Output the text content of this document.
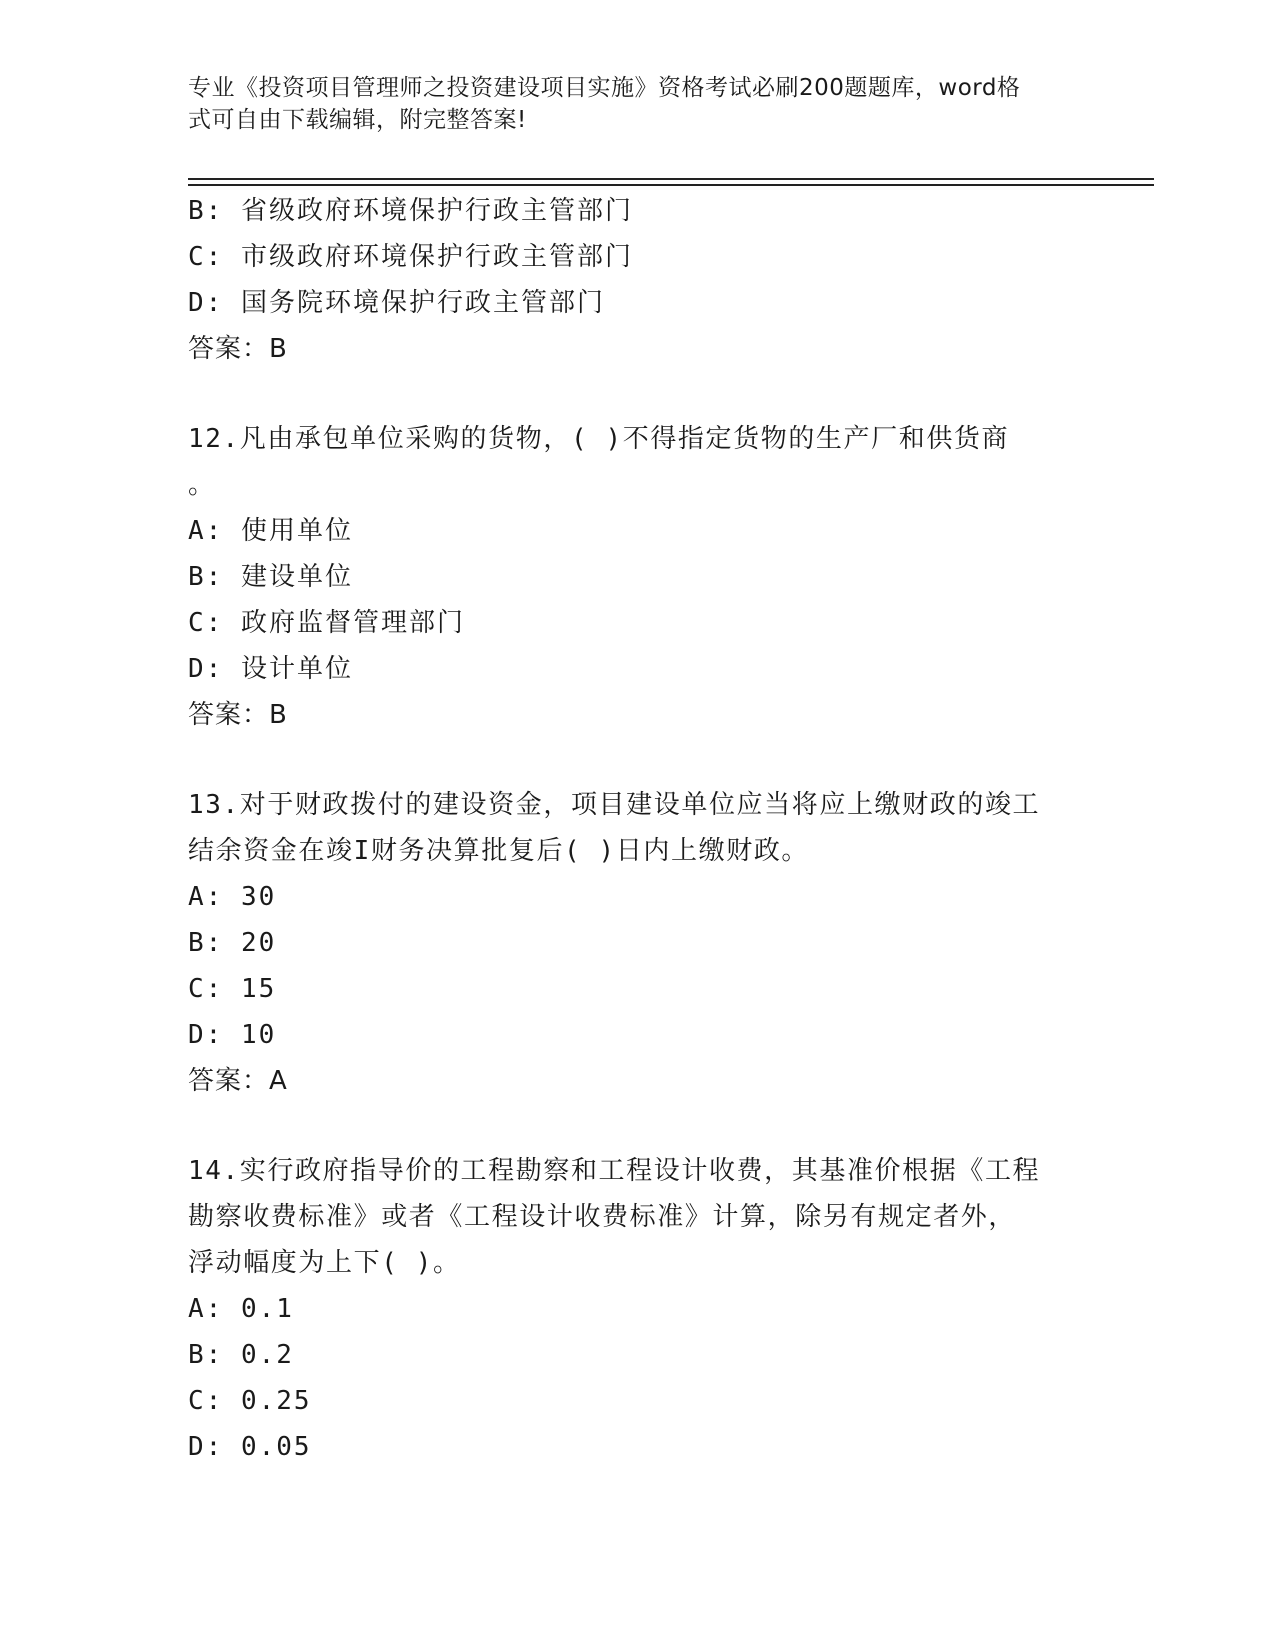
专业《投资项目管理师之投资建设项目实施》资格考试必刷200题题库，word格
式可自由下载编辑，附完整答案!
B: 省级政府环境保护行政主管部门
C: 市级政府环境保护行政主管部门
D: 国务院环境保护行政主管部门
答案：B
12.凡由承包单位采购的货物，( )不得指定货物的生产厂和供货商
。
A: 使用单位
B: 建设单位
C: 政府监督管理部门
D: 设计单位
答案：B
13.对于财政拨付的建设资金，项目建设单位应当将应上缴财政的竣工
结余资金在竣I财务决算批复后( )日内上缴财政。
A: 30
B: 20
C: 15
D: 10
答案：A
14.实行政府指导价的工程勘察和工程设计收费，其基准价根据《工程
勘察收费标准》或者《工程设计收费标准》计算，除另有规定者外，
浮动幅度为上下( )。
A: 0.1
B: 0.2
C: 0.25
D: 0.05
